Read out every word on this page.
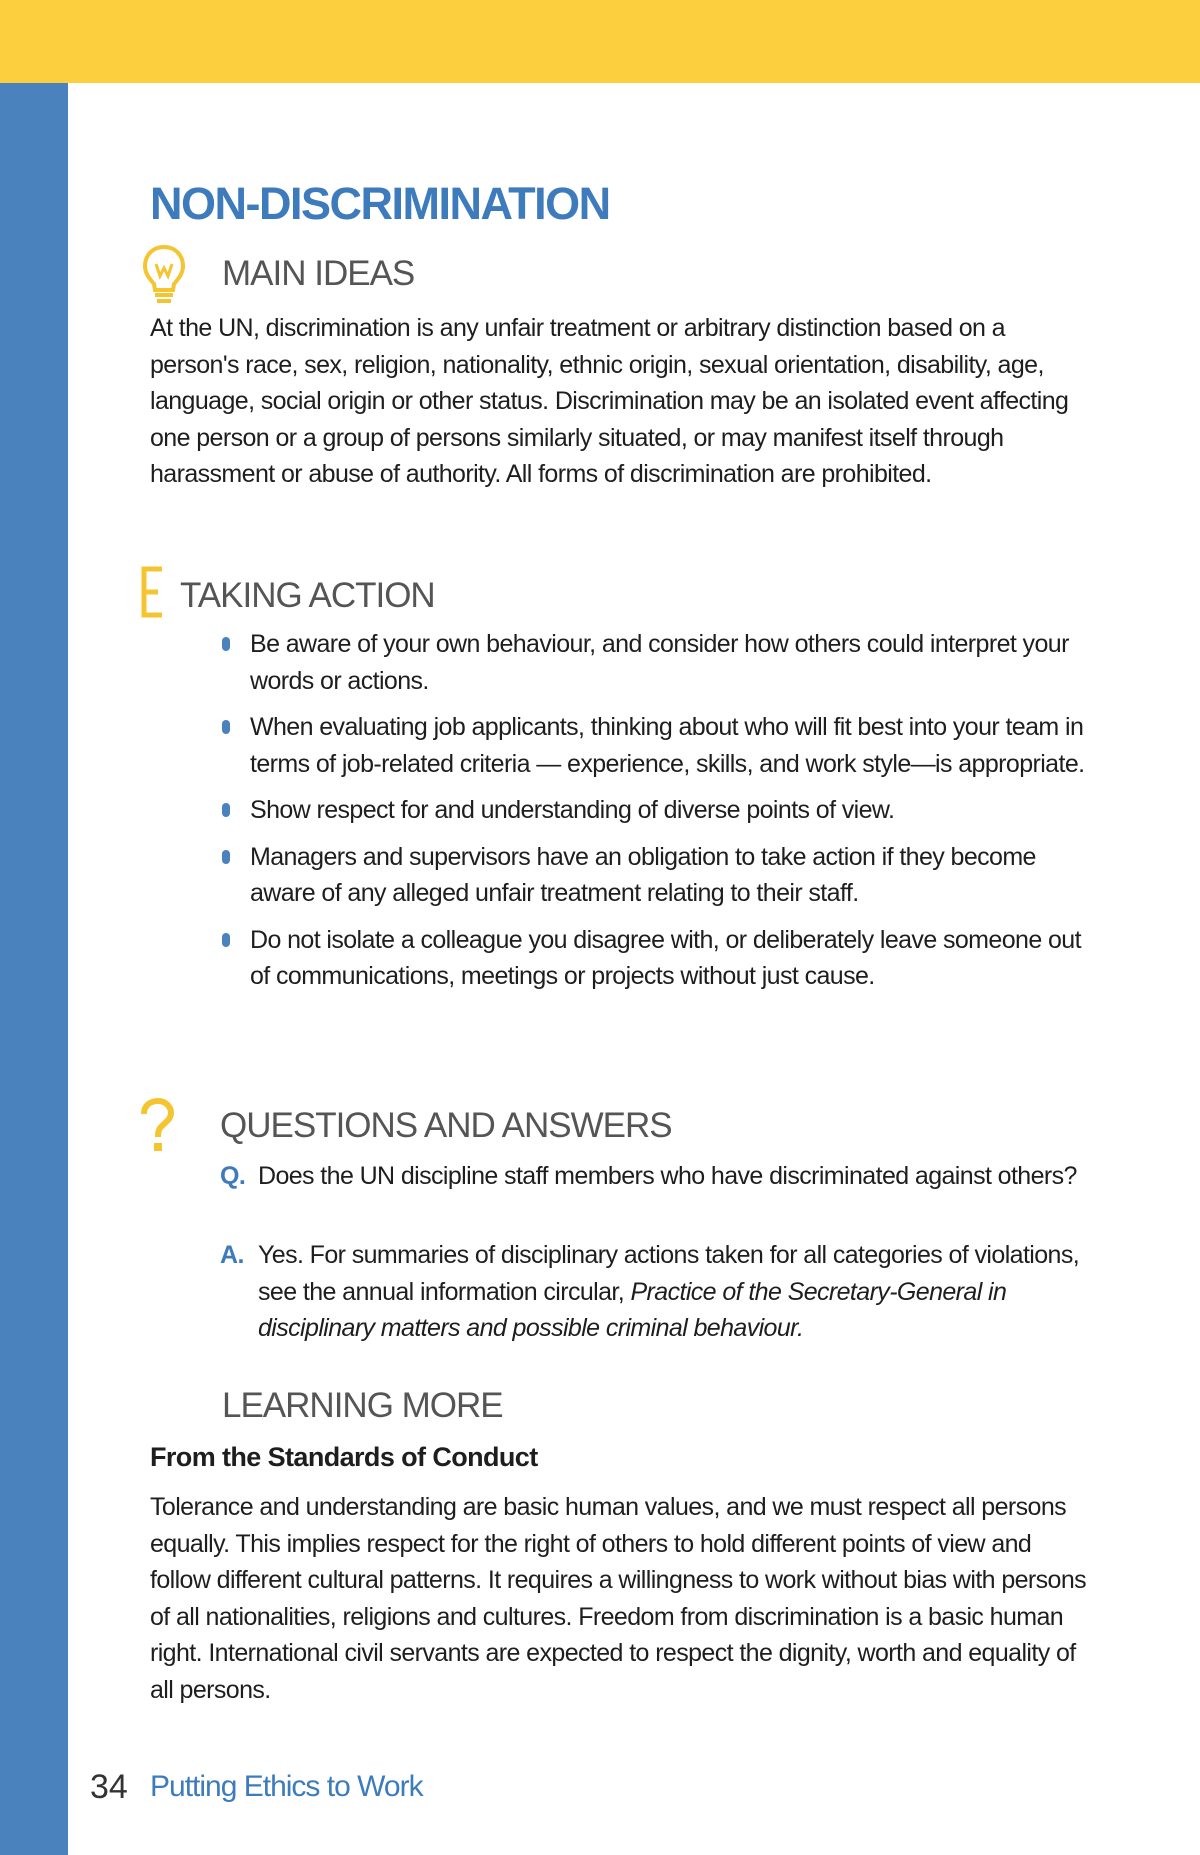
NON-DISCRIMINATION
MAIN IDEAS
At the UN, discrimination is any unfair treatment or arbitrary distinction based on a person's race, sex, religion, nationality, ethnic origin, sexual orientation, disability, age, language, social origin or other status. Discrimination may be an isolated event affecting one person or a group of persons similarly situated, or may manifest itself through harassment or abuse of authority. All forms of discrimination are prohibited.
TAKING ACTION
Be aware of your own behaviour, and consider how others could interpret your words or actions.
When evaluating job applicants, thinking about who will fit best into your team in terms of job-related criteria — experience, skills, and work style—is appropriate.
Show respect for and understanding of diverse points of view.
Managers and supervisors have an obligation to take action if they become aware of any alleged unfair treatment relating to their staff.
Do not isolate a colleague you disagree with, or deliberately leave someone out of communications, meetings or projects without just cause.
QUESTIONS AND ANSWERS
Q. Does the UN discipline staff members who have discriminated against others?
A. Yes. For summaries of disciplinary actions taken for all categories of violations, see the annual information circular, Practice of the Secretary-General in disciplinary matters and possible criminal behaviour.
LEARNING MORE
From the Standards of Conduct
Tolerance and understanding are basic human values, and we must respect all persons equally. This implies respect for the right of others to hold different points of view and follow different cultural patterns. It requires a willingness to work without bias with persons of all nationalities, religions and cultures. Freedom from discrimination is a basic human right. International civil servants are expected to respect the dignity, worth and equality of all persons.
34 Putting Ethics to Work
